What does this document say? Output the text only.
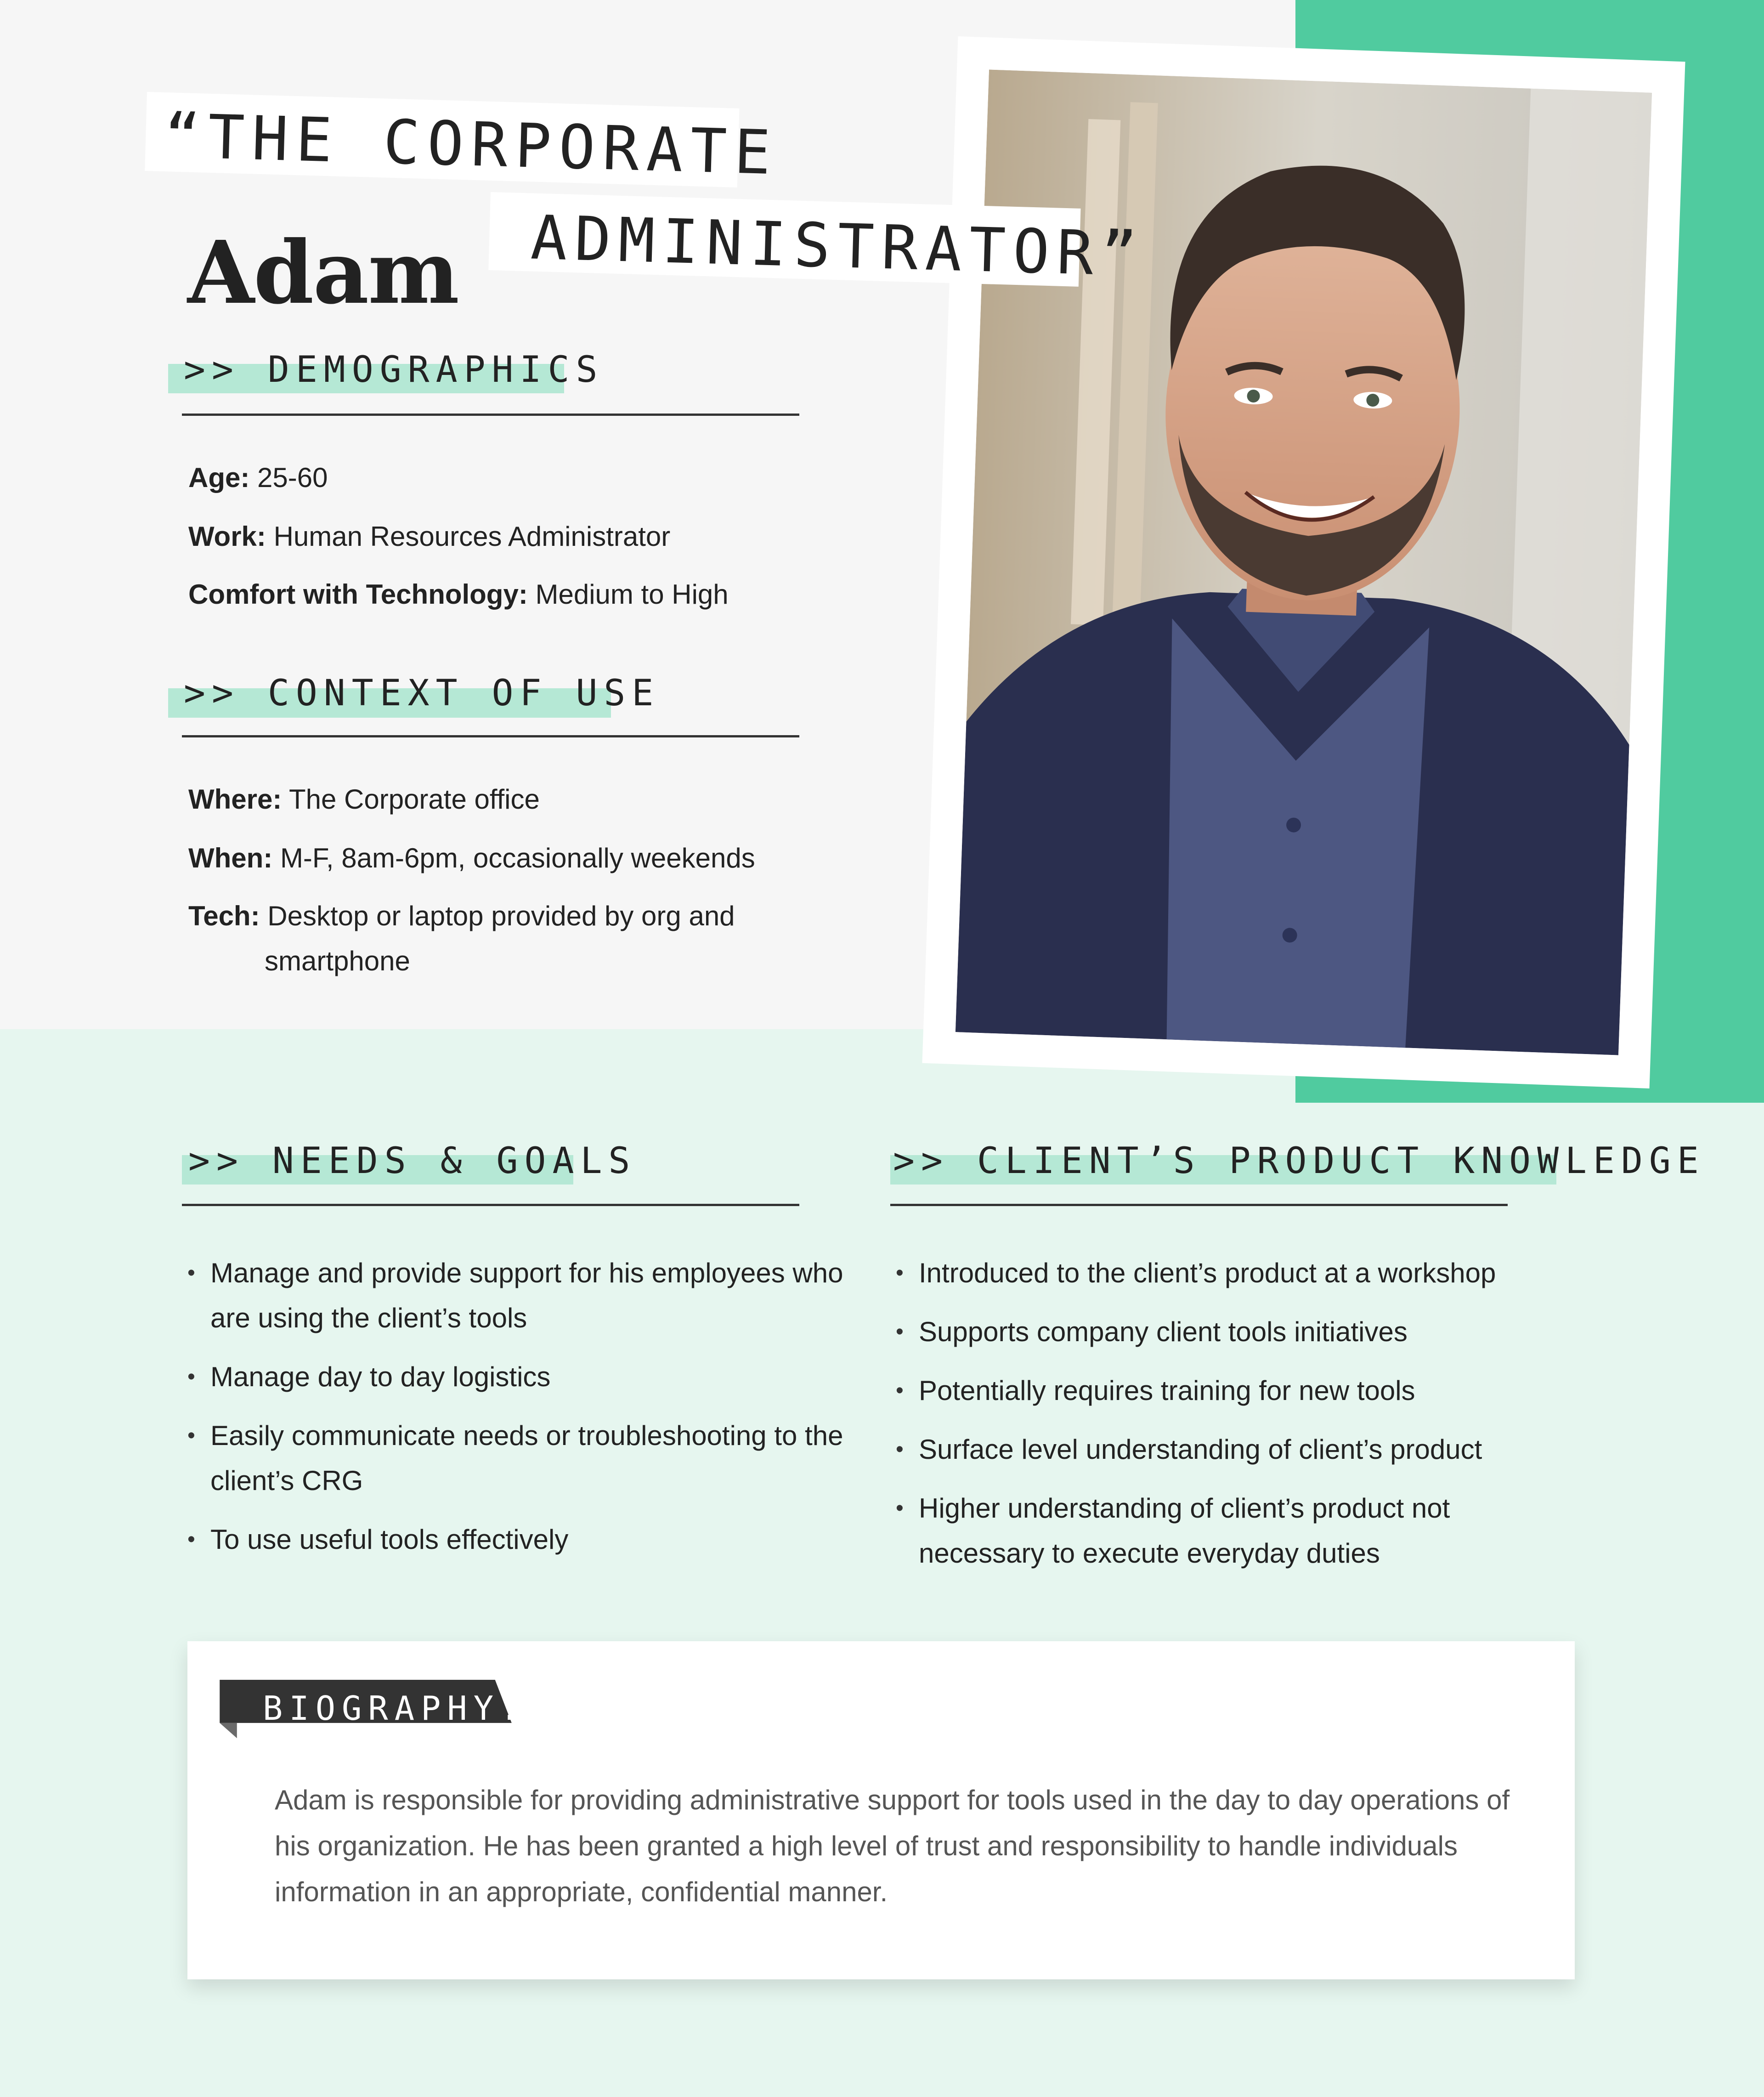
“THE CORPORATE
ADMINISTRATOR”
Adam
>> DEMOGRAPHICS
Age: 25-60
Work: Human Resources Administrator
Comfort with Technology: Medium to High
>> CONTEXT OF USE
Where: The Corporate office
When: M-F, 8am-6pm, occasionally weekends
Tech: Desktop or laptop provided by org and
smartphone
>> NEEDS & GOALS
• Manage and provide support for his employees who are using the client’s tools
• Manage day to day logistics
• Easily communicate needs or troubleshooting to the client’s CRG
• To use useful tools effectively
>> CLIENT’S PRODUCT KNOWLEDGE
• Introduced to the client’s product at a workshop
• Supports company client tools initiatives
• Potentially requires training for new tools
• Surface level understanding of client’s product
• Higher understanding of client’s product not necessary to execute everyday duties
BIOGRAPHY:
Adam is responsible for providing administrative support for tools used in the day to day operations of his organization. He has been granted a high level of trust and responsibility to handle individuals information in an appropriate, confidential manner.
